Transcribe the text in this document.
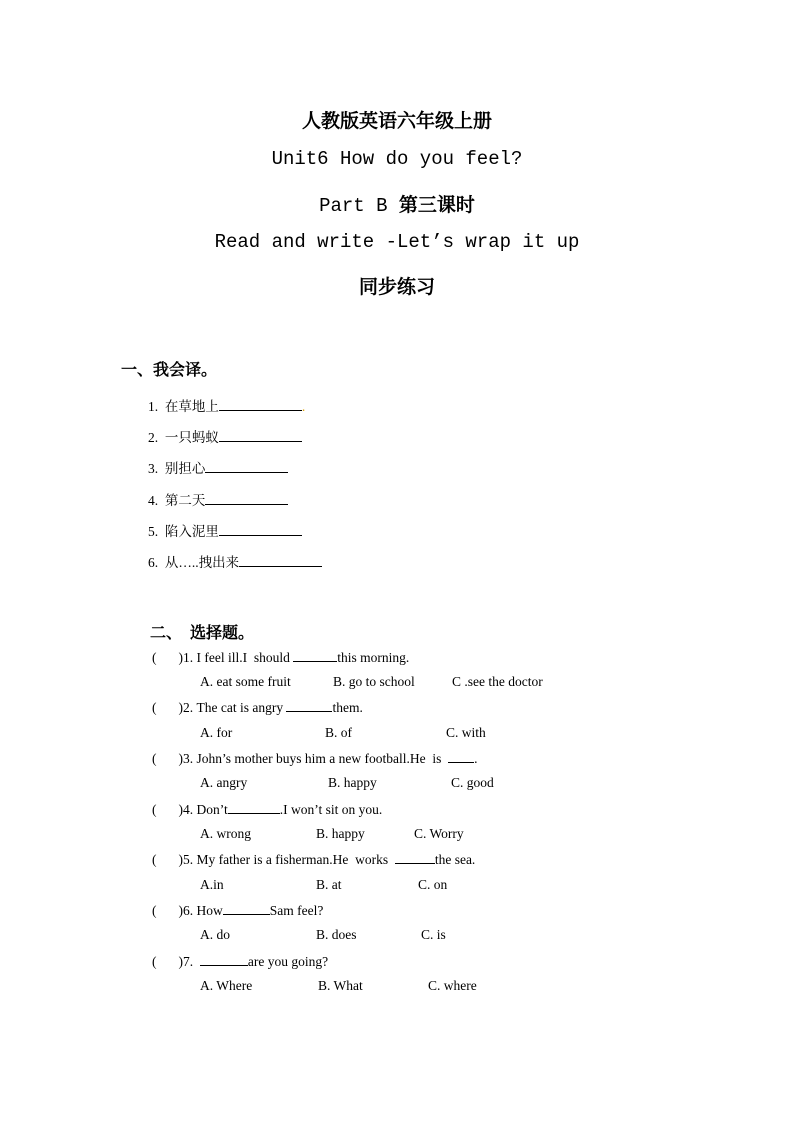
人教版英语六年级上册
Unit6 How do you feel?
Part B 第三课时
Read and write -Let’s wrap it up
同步练习
一、我会译。
1. 在草地上	.
2. 一只蚂蚁
3. 别担心
4. 第二天
5. 陷入泥里
6. 从…..拽出来
二、  选择题。
( )1. I feel ill.I  should	this morning.
A. eat some fruit	B. go to school	C .see the doctor
( )2. The cat is angry	them.
A. for	B. of	C. with
( )3. John’s mother buys him a new football.He  is  .
A. angry	B. happy	C. good
( )4. Don’t	.I won’t sit on you.
A. wrong	B. happy	C. Worry
( )5. My father is a fisherman.He  works	the sea.
A.in	B. at	C. on
( )6. How	Sam feel?
A. do	B. does	C. is
( )7.	are you going?
A. Where	B. What	C. where
